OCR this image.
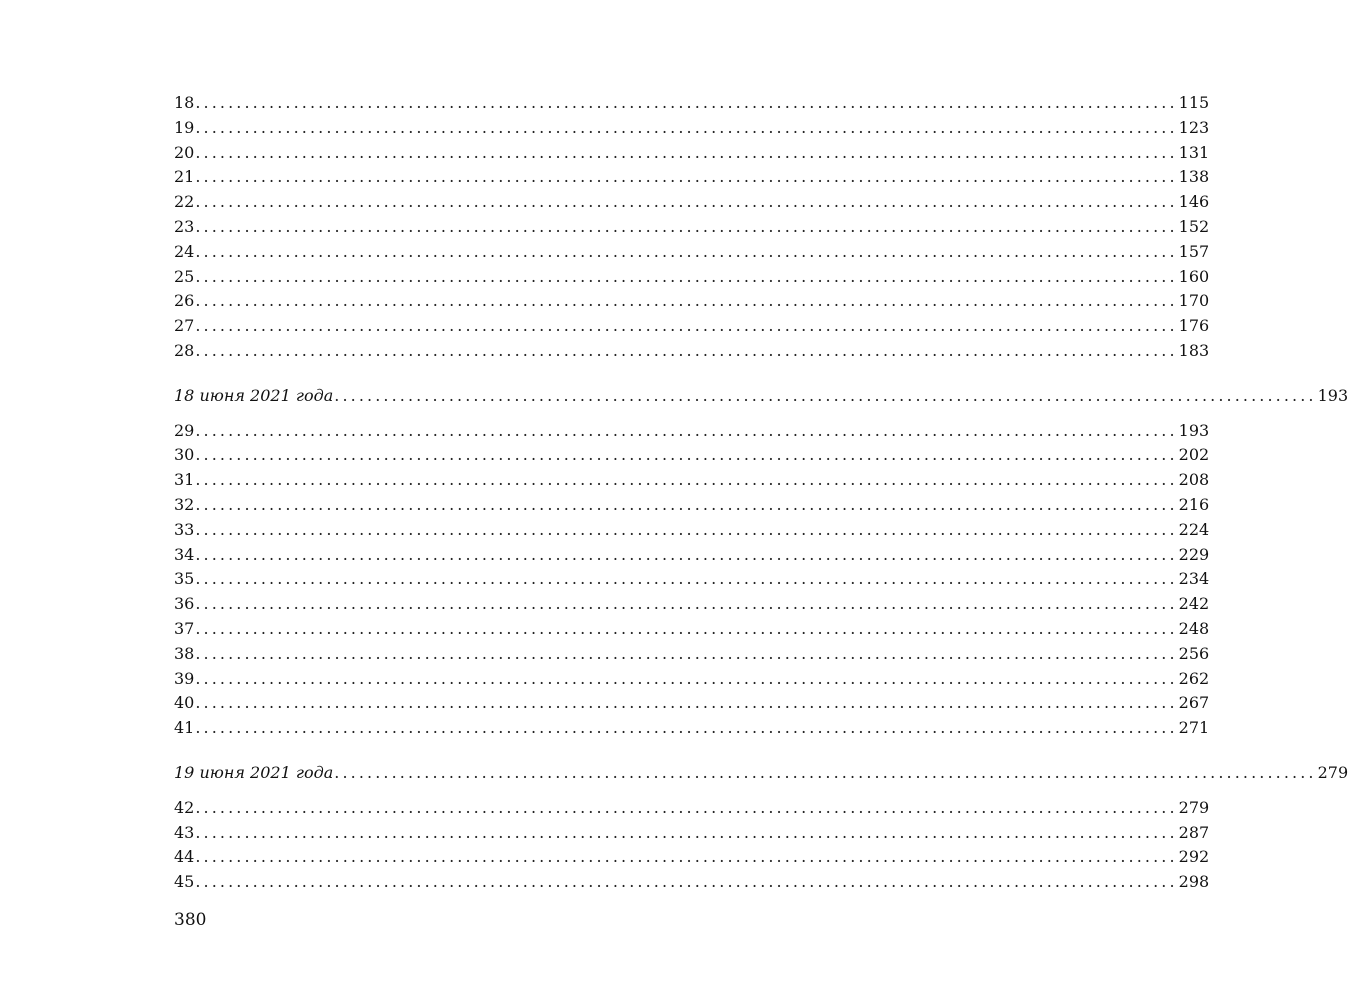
18 ........................................................................................................................ 115
19 ........................................................................................................................ 123
20 ........................................................................................................................ 131
21 ........................................................................................................................ 138
22 ........................................................................................................................ 146
23 ........................................................................................................................ 152
24 ........................................................................................................................ 157
25 ........................................................................................................................ 160
26 ........................................................................................................................ 170
27 ........................................................................................................................ 176
28 ........................................................................................................................ 183
18 июня 2021 года ........................................................................................................................ 193
29 ........................................................................................................................ 193
30 ........................................................................................................................ 202
31 ........................................................................................................................ 208
32 ........................................................................................................................ 216
33 ........................................................................................................................ 224
34 ........................................................................................................................ 229
35 ........................................................................................................................ 234
36 ........................................................................................................................ 242
37 ........................................................................................................................ 248
38 ........................................................................................................................ 256
39 ........................................................................................................................ 262
40 ........................................................................................................................ 267
41 ........................................................................................................................ 271
19 июня 2021 года ........................................................................................................................ 279
42 ........................................................................................................................ 279
43 ........................................................................................................................ 287
44 ........................................................................................................................ 292
45 ........................................................................................................................ 298
380
